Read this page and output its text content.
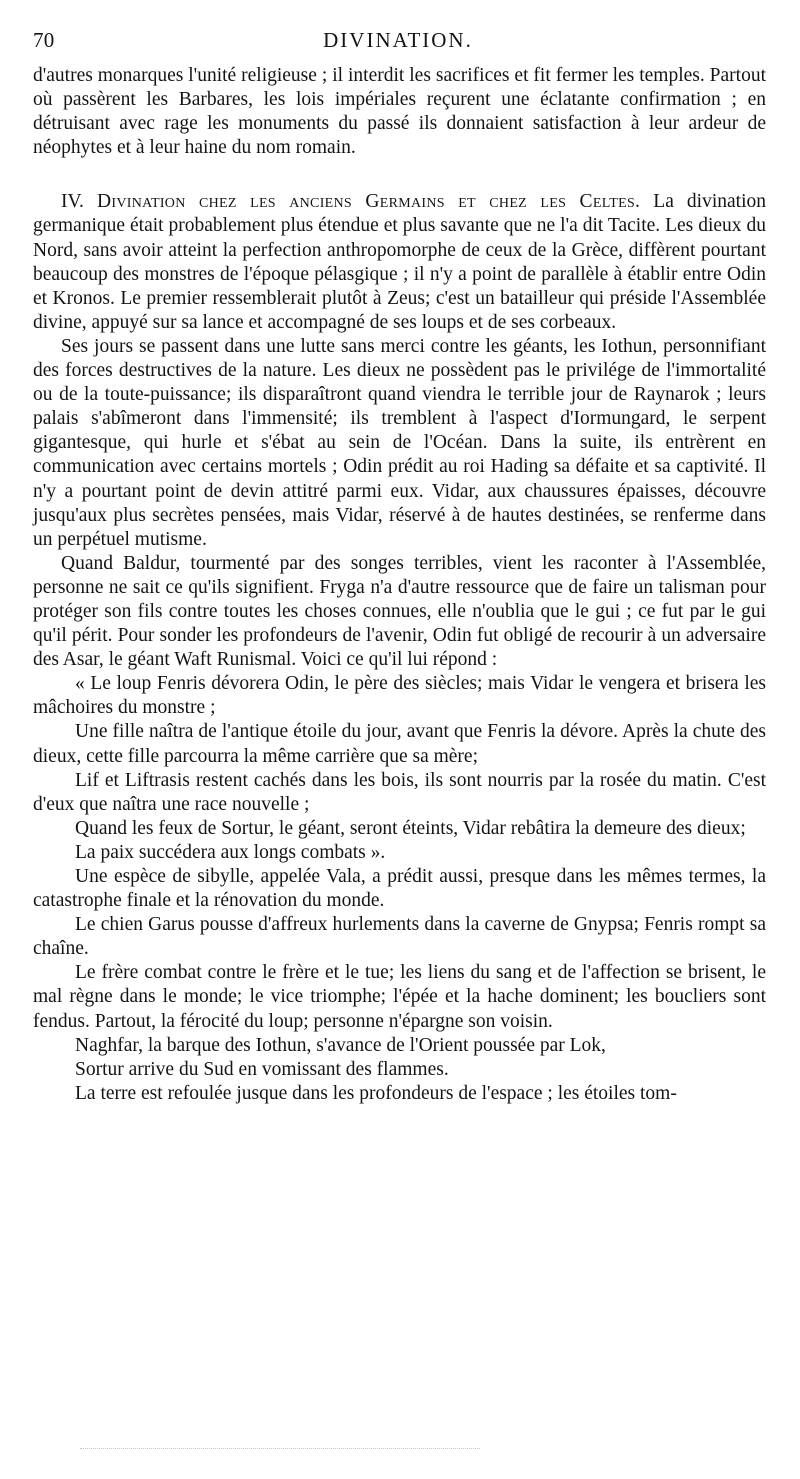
70	DIVINATION.

d'autres monarques l'unité religieuse ; il interdit les sacrifices et fit fermer les temples. Partout où passèrent les Barbares, les lois impériales reçurent une éclatante confirmation ; en détruisant avec rage les monuments du passé ils donnaient satisfaction à leur ardeur de néophytes et à leur haine du nom romain.

IV. Divination chez les anciens Germains et chez les Celtes. La divination germanique était probablement plus étendue et plus savante que ne l'a dit Tacite. Les dieux du Nord, sans avoir atteint la perfection anthropomorphe de ceux de la Grèce, diffèrent pourtant beaucoup des monstres de l'époque pélasgique ; il n'y a point de parallèle à établir entre Odin et Kronos. Le premier ressemblerait plutôt à Zeus; c'est un batailleur qui préside l'Assemblée divine, appuyé sur sa lance et accompagné de ses loups et de ses corbeaux.

Ses jours se passent dans une lutte sans merci contre les géants, les Iothun, personnifiant des forces destructives de la nature. Les dieux ne possèdent pas le privilége de l'immortalité ou de la toute-puissance; ils disparaîtront quand viendra le terrible jour de Raynarok ; leurs palais s'abîmeront dans l'immensité; ils tremblent à l'aspect d'Iormungard, le serpent gigantesque, qui hurle et s'ébat au sein de l'Océan. Dans la suite, ils entrèrent en communication avec certains mortels ; Odin prédit au roi Hading sa défaite et sa captivité. Il n'y a pourtant point de devin attitré parmi eux. Vidar, aux chaussures épaisses, découvre jusqu'aux plus secrètes pensées, mais Vidar, réservé à de hautes destinées, se renferme dans un perpétuel mutisme.

Quand Baldur, tourmenté par des songes terribles, vient les raconter à l'Assemblée, personne ne sait ce qu'ils signifient. Fryga n'a d'autre ressource que de faire un talisman pour protéger son fils contre toutes les choses connues, elle n'oublia que le gui ; ce fut par le gui qu'il périt. Pour sonder les profondeurs de l'avenir, Odin fut obligé de recourir à un adversaire des Asar, le géant Waft Runismal. Voici ce qu'il lui répond :

« Le loup Fenris dévorera Odin, le père des siècles; mais Vidar le vengera et brisera les mâchoires du monstre ;

Une fille naîtra de l'antique étoile du jour, avant que Fenris la dévore. Après la chute des dieux, cette fille parcourra la même carrière que sa mère;

Lif et Liftrasis restent cachés dans les bois, ils sont nourris par la rosée du matin. C'est d'eux que naîtra une race nouvelle ;

Quand les feux de Sortur, le géant, seront éteints, Vidar rebâtira la demeure des dieux;

La paix succédera aux longs combats ».

Une espèce de sibylle, appelée Vala, a prédit aussi, presque dans les mêmes termes, la catastrophe finale et la rénovation du monde.

Le chien Garus pousse d'affreux hurlements dans la caverne de Gnypsa; Fenris rompt sa chaîne.

Le frère combat contre le frère et le tue; les liens du sang et de l'affection se brisent, le mal règne dans le monde; le vice triomphe; l'épée et la hache dominent; les boucliers sont fendus. Partout, la férocité du loup; personne n'épargne son voisin.

Naghfar, la barque des Iothun, s'avance de l'Orient poussée par Lok,

Sortur arrive du Sud en vomissant des flammes.

La terre est refoulée jusque dans les profondeurs de l'espace ; les étoiles tom-
